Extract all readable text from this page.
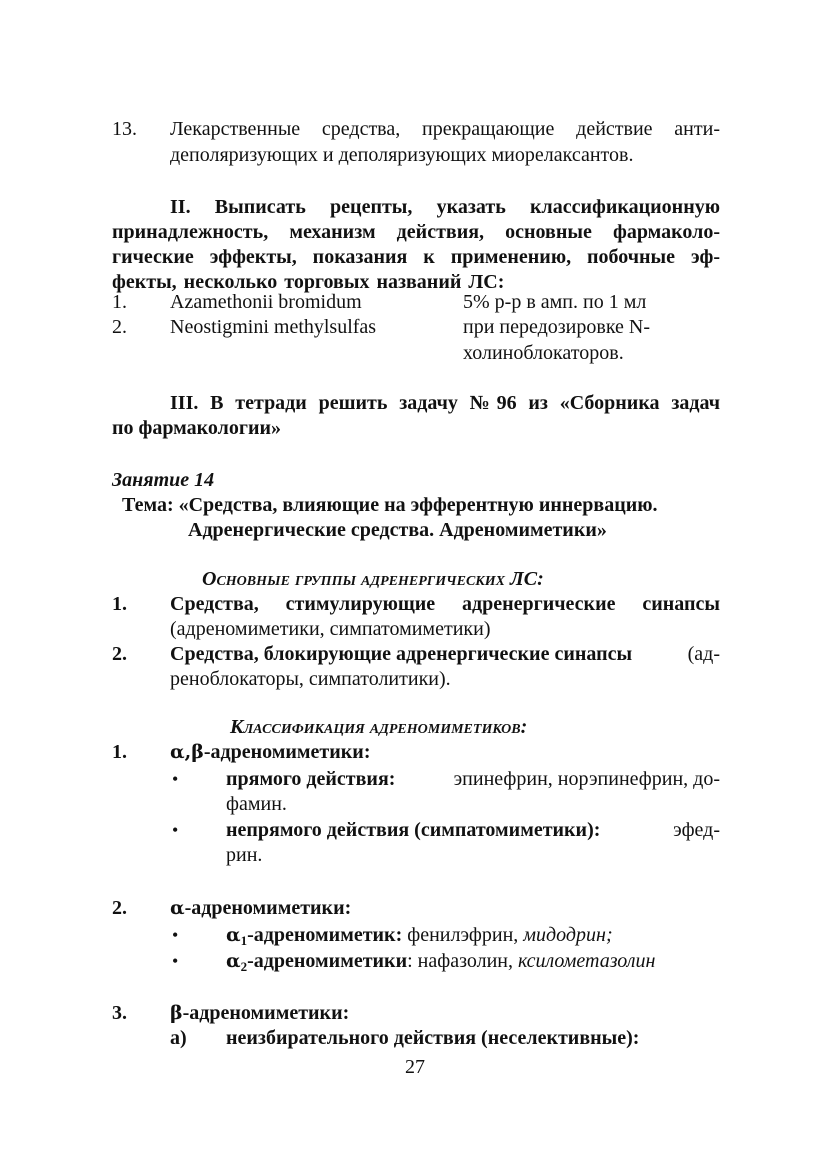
13. Лекарственные средства, прекращающие действие анти-
деполяризующих и деполяризующих миорелаксантов.
II. Выписать рецепты, указать классификационную
принадлежность, механизм действия, основные фармаколо-
гические эффекты, показания к применению, побочные эф-
фекты, несколько торговых названий ЛС:
1. Azamethonii bromidum	5% р-р в амп. по 1 мл
2. Neostigmini methylsulfas	при передозировке N-
холиноблокаторов.
III. В тетради решить задачу №96 из «Сборника задач
по фармакологии»
Занятие 14
Тема: «Средства, влияющие на эфферентную иннервацию.
Адренергические средства. Адреномиметики»
Основные группы адренергических ЛС:
1. Средства, стимулирующие адренергические синапсы
(адреномиметики, симпатомиметики)
2. Средства, блокирующие адренергические синапсы	(ад-
реноблокаторы, симпатолитики).
Классификация адреномиметиков:
1. α,β-адреномиметики:
• прямого действия:	эпинефрин, норэпинефрин, до-
фамин.
• непрямого действия (симпатомиметики):	эфед-
рин.
2. α-адреномиметики:
•	$\alpha_1$-адреномиметик: фенилэфрин, мидодрин;
•	$\alpha_2$-адреномиметики: нафазолин, ксилометазолин
3. β-адреномиметики:
а) неизбирательного действия (неселективные):
27
